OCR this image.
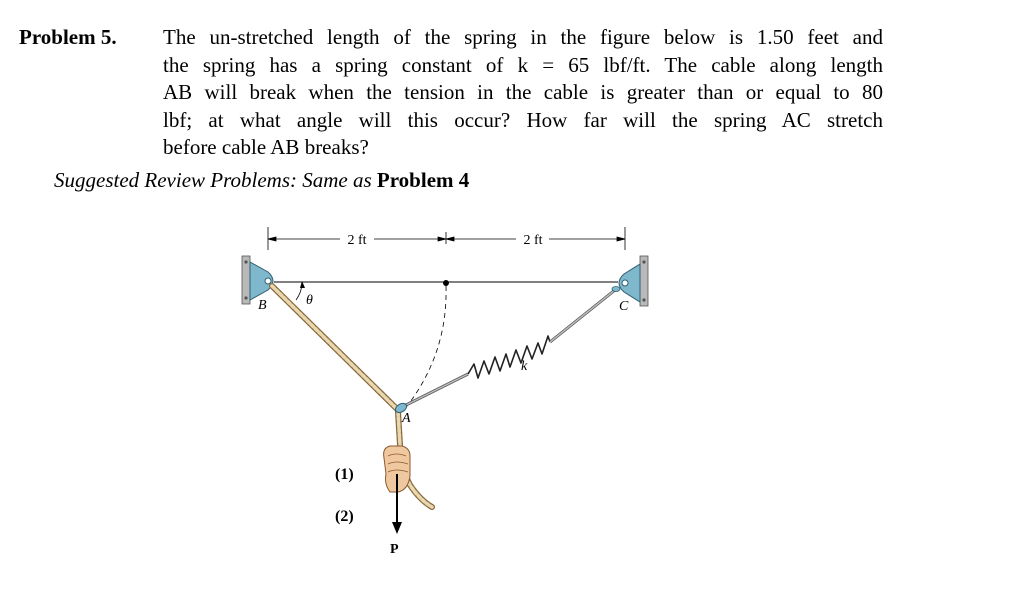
Problem 5. The un-stretched length of the spring in the figure below is 1.50 feet and
the spring has a spring constant of k = 65 lbf/ft. The cable along length
AB will break when the tension in the cable is greater than or equal to 80
lbf; at what angle will this occur? How far will the spring AC stretch
before cable AB breaks?
Suggested Review Problems: Same as Problem 4
2 ft	2 ft
B	C
A
θ
k
P
(1)
(2)
